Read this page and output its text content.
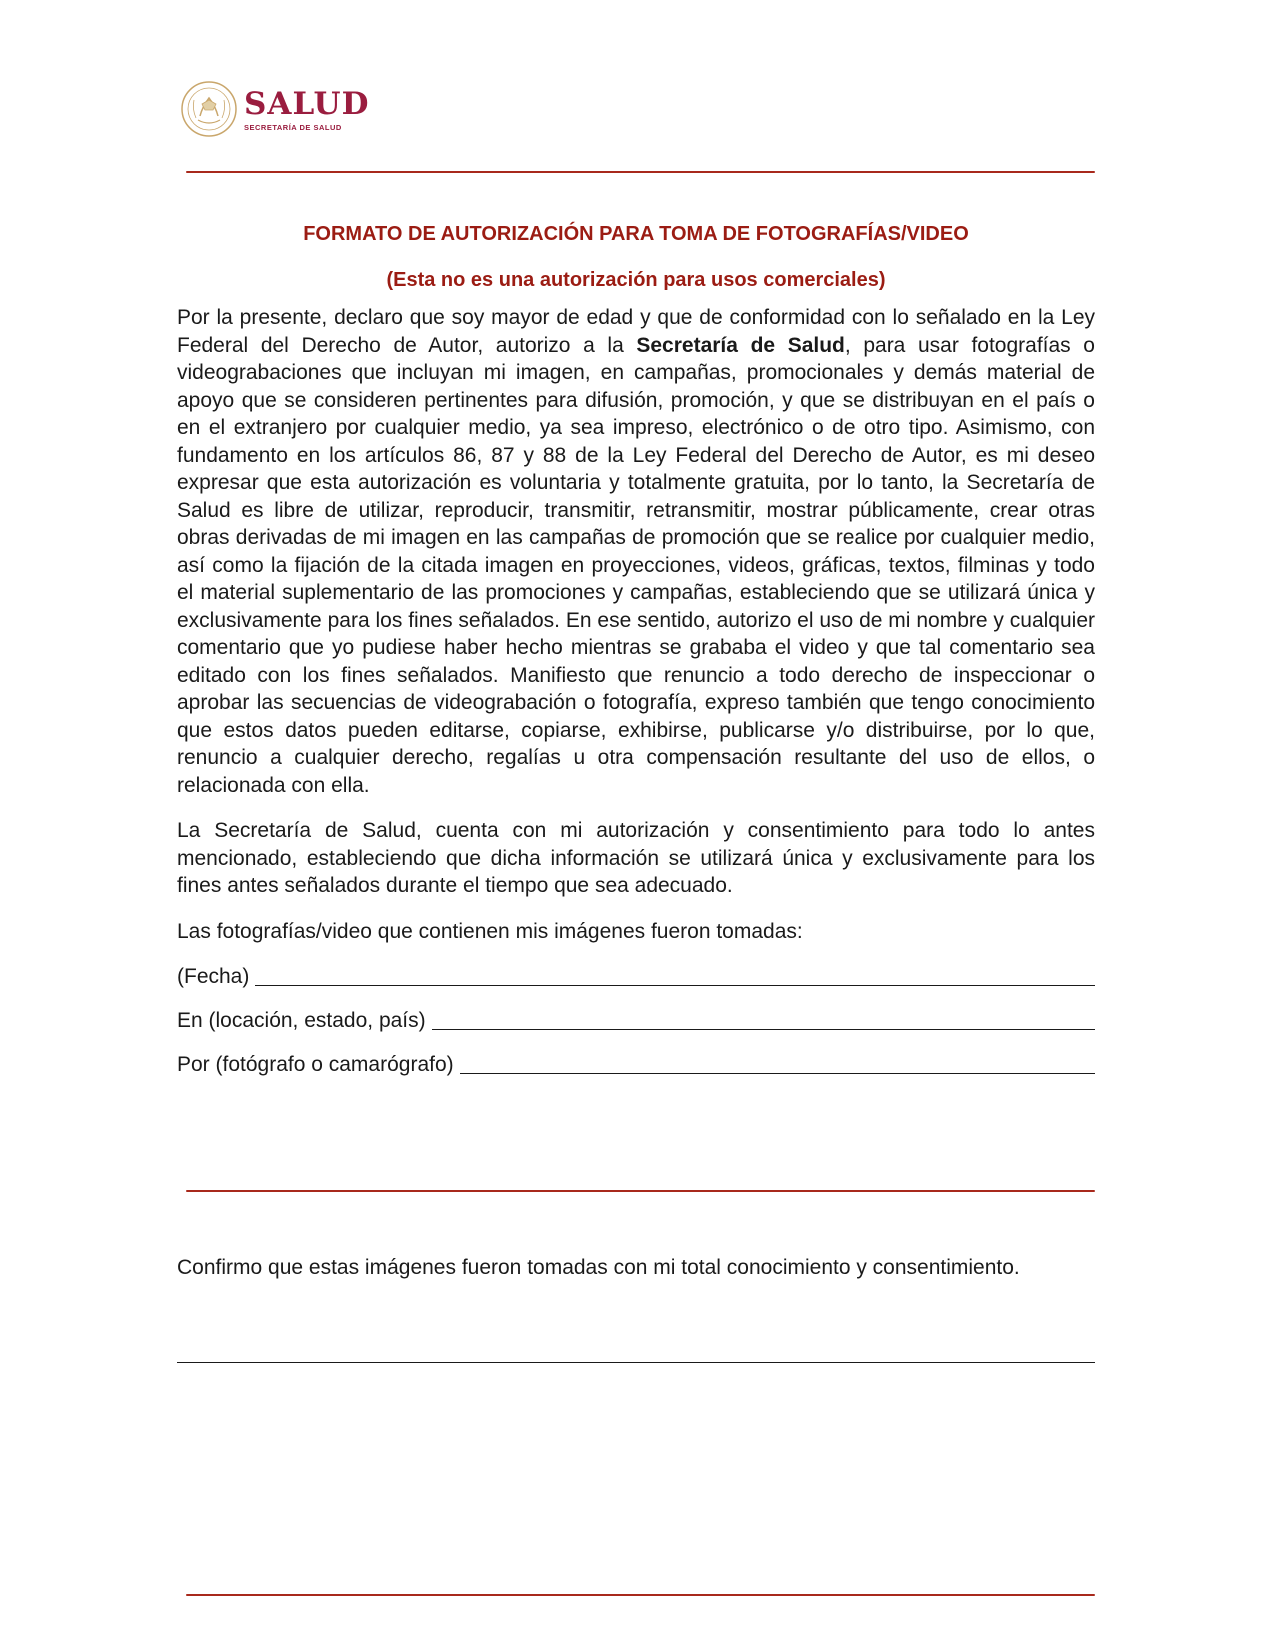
SALUD
SECRETARÍA DE SALUD
FORMATO DE AUTORIZACIÓN PARA TOMA DE FOTOGRAFÍAS/VIDEO
(Esta no es una autorización para usos comerciales)

Por la presente, declaro que soy mayor de edad y que de conformidad con lo señalado en la Ley Federal del Derecho de Autor, autorizo a la Secretaría de Salud, para usar fotografías o videograbaciones que incluyan mi imagen, en campañas, promocionales y demás material de apoyo que se consideren pertinentes para difusión, promoción, y que se distribuyan en el país o en el extranjero por cualquier medio, ya sea impreso, electrónico o de otro tipo. Asimismo, con fundamento en los artículos 86, 87 y 88 de la Ley Federal del Derecho de Autor, es mi deseo expresar que esta autorización es voluntaria y totalmente gratuita, por lo tanto, la Secretaría de Salud es libre de utilizar, reproducir, transmitir, retransmitir, mostrar públicamente, crear otras obras derivadas de mi imagen en las campañas de promoción que se realice por cualquier medio, así como la fijación de la citada imagen en proyecciones, videos, gráficas, textos, filminas y todo el material suplementario de las promociones y campañas, estableciendo que se utilizará única y exclusivamente para los fines señalados. En ese sentido, autorizo el uso de mi nombre y cualquier comentario que yo pudiese haber hecho mientras se grababa el video y que tal comentario sea editado con los fines señalados. Manifiesto que renuncio a todo derecho de inspeccionar o aprobar las secuencias de videograbación o fotografía, expreso también que tengo conocimiento que estos datos pueden editarse, copiarse, exhibirse, publicarse y/o distribuirse, por lo que, renuncio a cualquier derecho, regalías u otra compensación resultante del uso de ellos, o relacionada con ella.

La Secretaría de Salud, cuenta con mi autorización y consentimiento para todo lo antes mencionado, estableciendo que dicha información se utilizará única y exclusivamente para los fines antes señalados durante el tiempo que sea adecuado.

Las fotografías/video que contienen mis imágenes fueron tomadas:

(Fecha)
En (locación, estado, país)
Por (fotógrafo o camarógrafo)

Confirmo que estas imágenes fueron tomadas con mi total conocimiento y consentimiento.
